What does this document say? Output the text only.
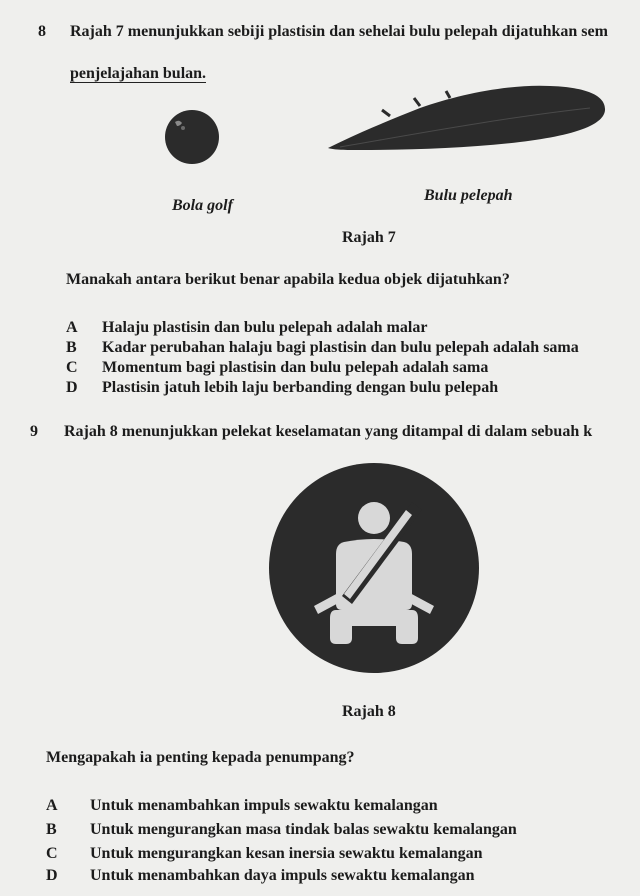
8 Rajah 7 menunjukkan sebiji plastisin dan sehelai bulu pelepah dijatuhkan sem
penjelajahan bulan.
Bola golf
Bulu pelepah
Rajah 7
Manakah antara berikut benar apabila kedua objek dijatuhkan?
A Halaju plastisin dan bulu pelepah adalah malar
B Kadar perubahan halaju bagi plastisin dan bulu pelepah adalah sama
C Momentum bagi plastisin dan bulu pelepah adalah sama
D Plastisin jatuh lebih laju berbanding dengan bulu pelepah
9 Rajah 8 menunjukkan pelekat keselamatan yang ditampal di dalam sebuah k
Rajah 8
Mengapakah ia penting kepada penumpang?
A Untuk menambahkan impuls sewaktu kemalangan
B Untuk mengurangkan masa tindak balas sewaktu kemalangan
C Untuk mengurangkan kesan inersia sewaktu kemalangan
D Untuk menambahkan daya impuls sewaktu kemalangan
